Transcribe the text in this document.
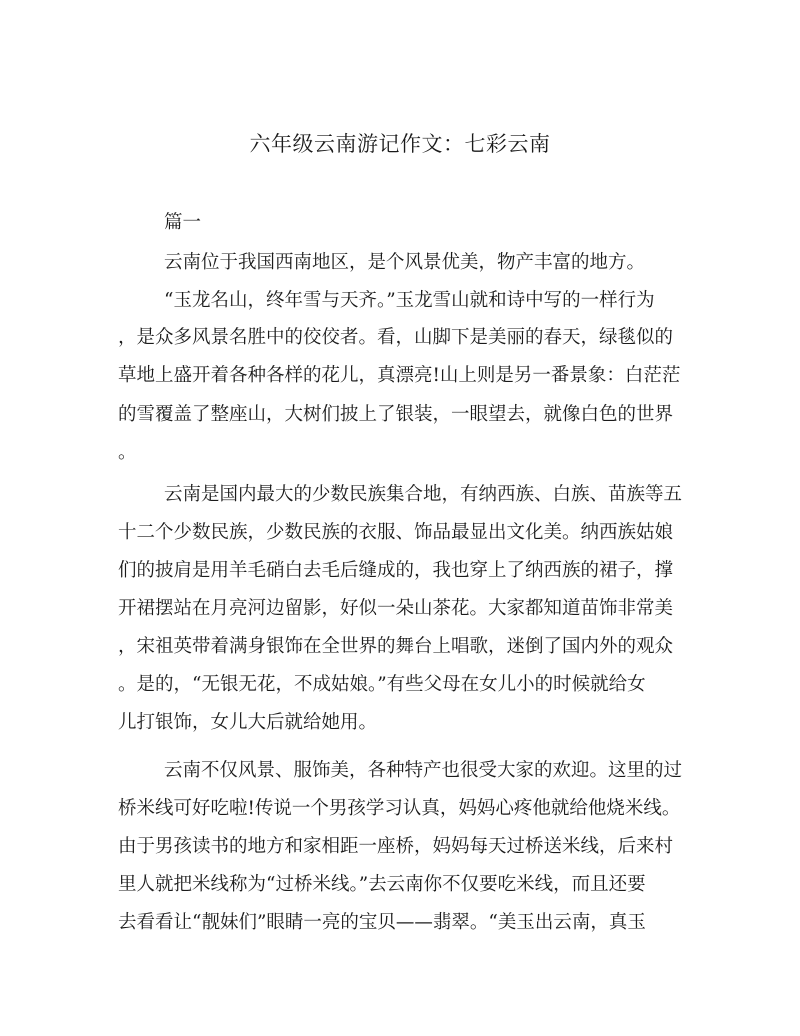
六年级云南游记作文：七彩云南
篇一
云南位于我国西南地区，是个风景优美，物产丰富的地方。
“玉龙名山，终年雪与天齐。”玉龙雪山就和诗中写的一样行为
，是众多风景名胜中的佼佼者。看，山脚下是美丽的春天，绿毯似的
草地上盛开着各种各样的花儿，真漂亮!山上则是另一番景象：白茫茫
的雪覆盖了整座山，大树们披上了银装，一眼望去，就像白色的世界
。
云南是国内最大的少数民族集合地，有纳西族、白族、苗族等五
十二个少数民族，少数民族的衣服、饰品最显出文化美。纳西族姑娘
们的披肩是用羊毛硝白去毛后缝成的，我也穿上了纳西族的裙子，撑
开裙摆站在月亮河边留影，好似一朵山茶花。大家都知道苗饰非常美
，宋祖英带着满身银饰在全世界的舞台上唱歌，迷倒了国内外的观众
。是的，“无银无花，不成姑娘。”有些父母在女儿小的时候就给女
儿打银饰，女儿大后就给她用。
云南不仅风景、服饰美，各种特产也很受大家的欢迎。这里的过
桥米线可好吃啦!传说一个男孩学习认真，妈妈心疼他就给他烧米线。
由于男孩读书的地方和家相距一座桥，妈妈每天过桥送米线，后来村
里人就把米线称为“过桥米线。”去云南你不仅要吃米线，而且还要
去看看让“靓妹们”眼睛一亮的宝贝——翡翠。“美玉出云南，真玉
